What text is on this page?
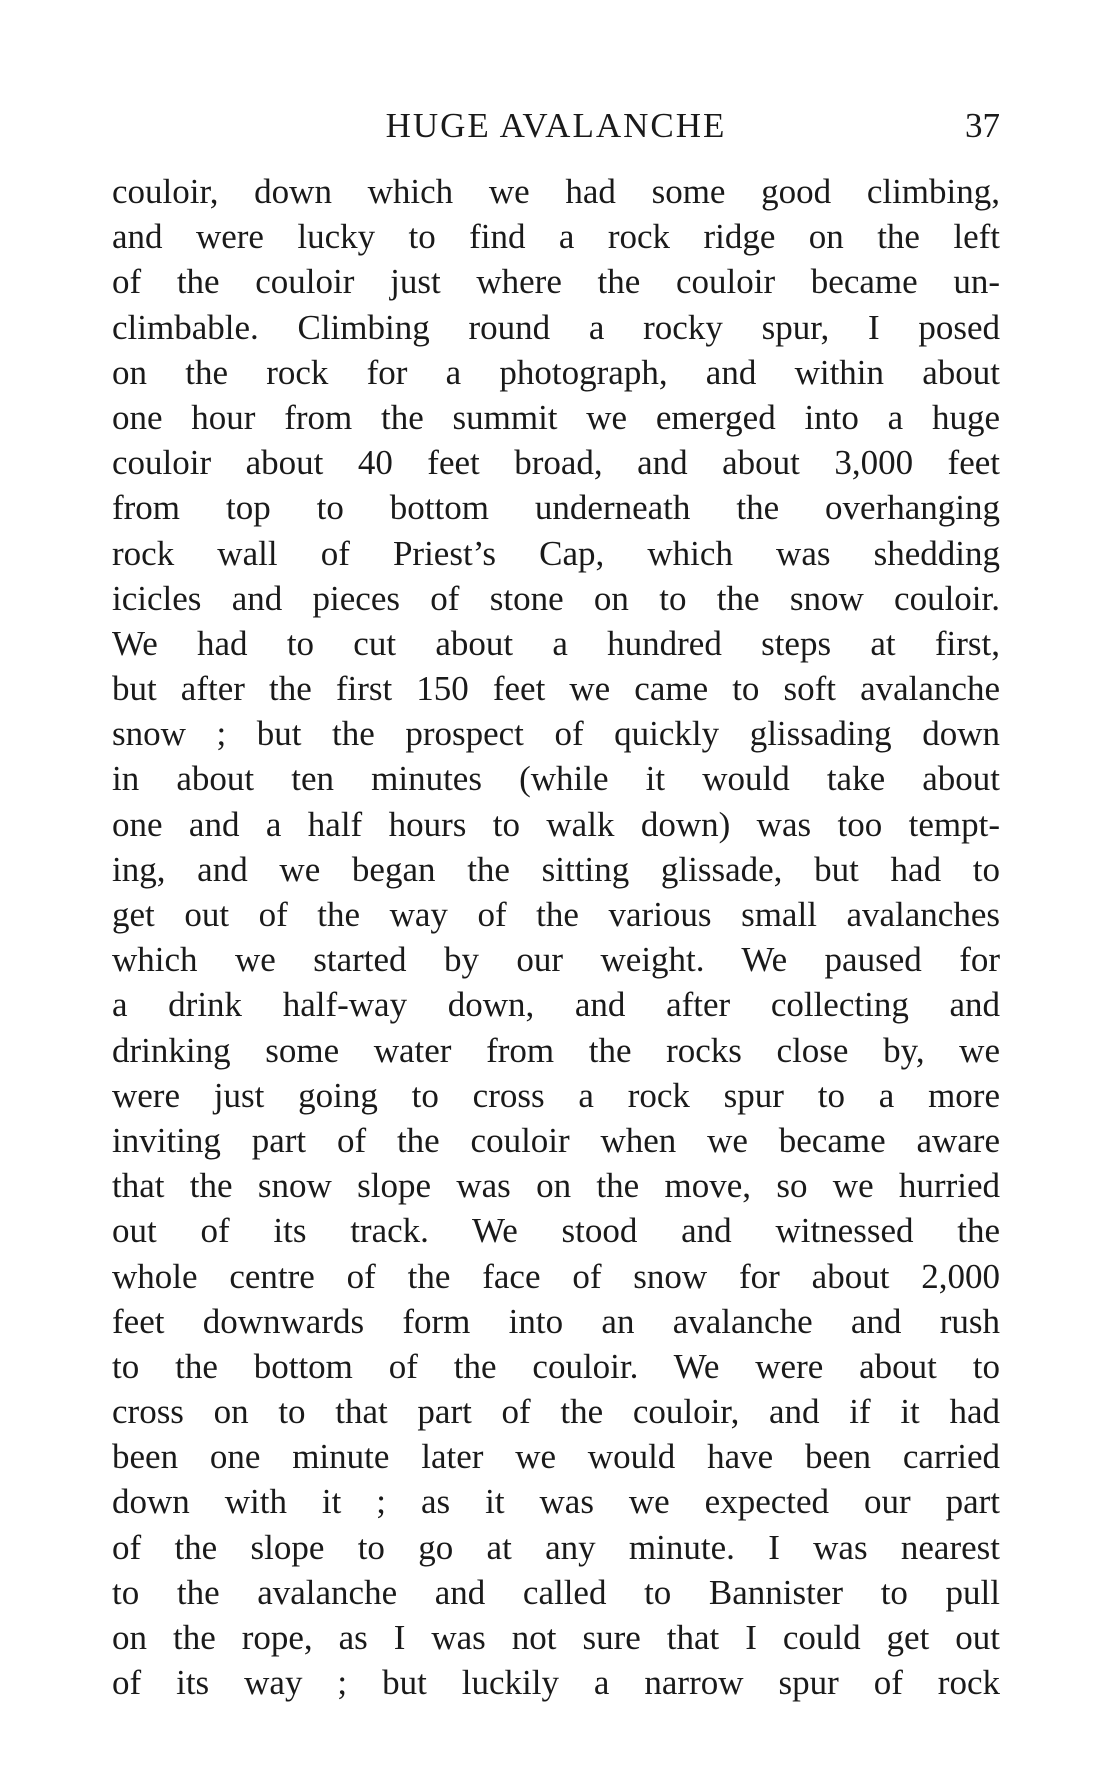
HUGE AVALANCHE	37
couloir, down which we had some good climbing,
and were lucky to find a rock ridge on the left
of the couloir just where the couloir became un-
climbable. Climbing round a rocky spur, I posed
on the rock for a photograph, and within about
one hour from the summit we emerged into a huge
couloir about 40 feet broad, and about 3,000 feet
from top to bottom underneath the overhanging
rock wall of Priest’s Cap, which was shedding
icicles and pieces of stone on to the snow couloir.
We had to cut about a hundred steps at first,
but after the first 150 feet we came to soft avalanche
snow ; but the prospect of quickly glissading down
in about ten minutes (while it would take about
one and a half hours to walk down) was too tempt-
ing, and we began the sitting glissade, but had to
get out of the way of the various small avalanches
which we started by our weight. We paused for
a drink half-way down, and after collecting and
drinking some water from the rocks close by, we
were just going to cross a rock spur to a more
inviting part of the couloir when we became aware
that the snow slope was on the move, so we hurried
out of its track. We stood and witnessed the
whole centre of the face of snow for about 2,000
feet downwards form into an avalanche and rush
to the bottom of the couloir. We were about to
cross on to that part of the couloir, and if it had
been one minute later we would have been carried
down with it ; as it was we expected our part
of the slope to go at any minute. I was nearest
to the avalanche and called to Bannister to pull
on the rope, as I was not sure that I could get out
of its way ; but luckily a narrow spur of rock
